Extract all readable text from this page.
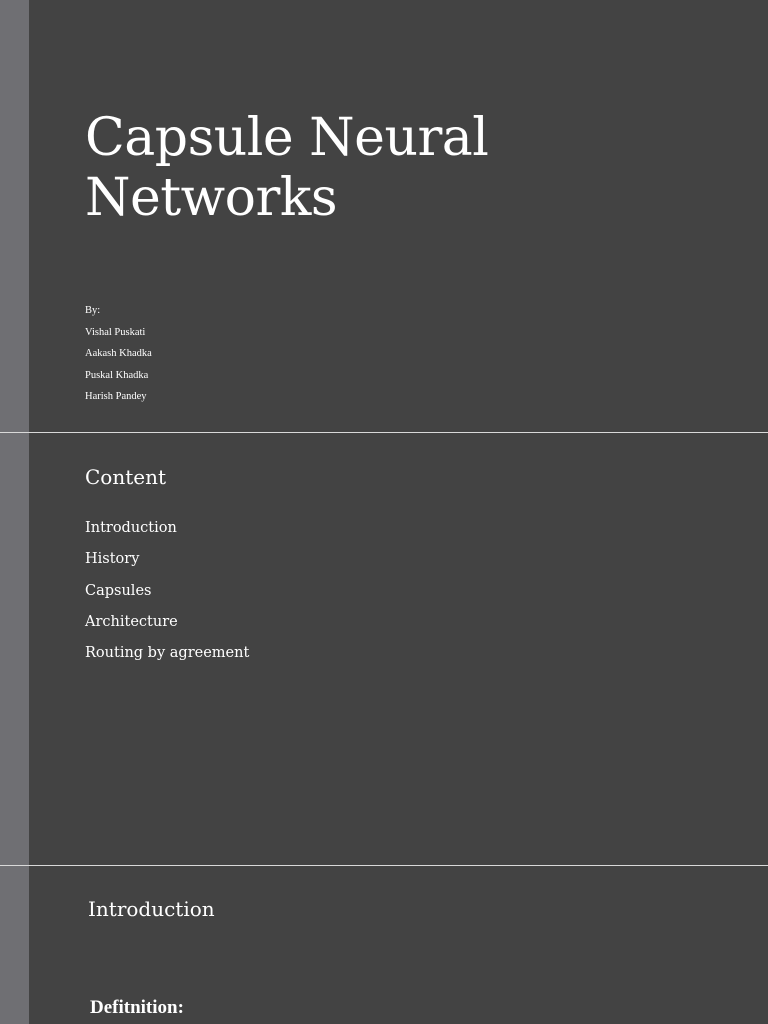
Capsule Neural
Networks
By:
Vishal Puskati
Aakash Khadka
Puskal Khadka
Harish Pandey
Content
Introduction
History
Capsules
Architecture
Routing by agreement
Introduction

Defitnition:
